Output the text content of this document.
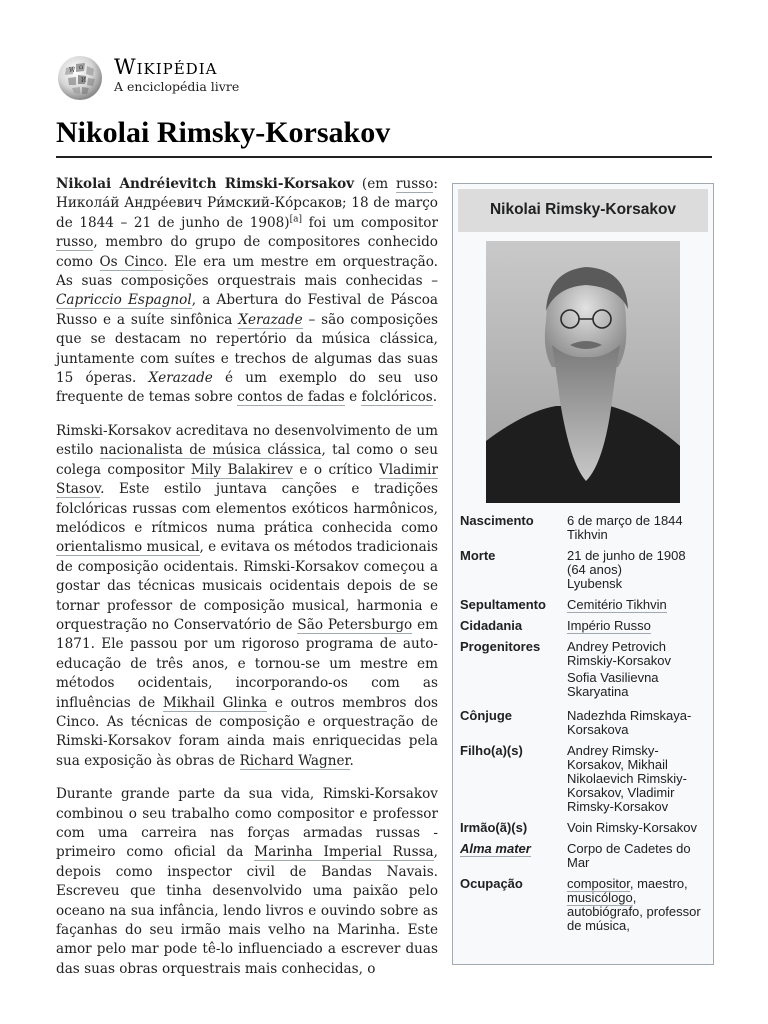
W Ω
И
Wikipédia
A enciclopédia livre
Nikolai Rimsky-Korsakov

Nikolai Andréievitch Rimski-Korsakov (em russo: Никола́й Андре́евич Ри́мский-Ко́рсаков; 18 de março de 1844 – 21 de junho de 1908)[a] foi um compositor russo, membro do grupo de compositores conhecido como Os Cinco. Ele era um mestre em orquestração. As suas composições orquestrais mais conhecidas – Capriccio Espagnol, a Abertura do Festival de Páscoa Russo e a suíte sinfônica Xerazade – são composições que se destacam no repertório da música clássica, juntamente com suítes e trechos de algumas das suas 15 óperas. Xerazade é um exemplo do seu uso frequente de temas sobre contos de fadas e folclóricos.

Rimski-Korsakov acreditava no desenvolvimento de um estilo nacionalista de música clássica, tal como o seu colega compositor Mily Balakirev e o crítico Vladimir Stasov. Este estilo juntava canções e tradições folclóricas russas com elementos exóticos harmônicos, melódicos e rítmicos numa prática conhecida como orientalismo musical, e evitava os métodos tradicionais de composição ocidentais. Rimski-Korsakov começou a gostar das técnicas musicais ocidentais depois de se tornar professor de composição musical, harmonia e orquestração no Conservatório de São Petersburgo em 1871. Ele passou por um rigoroso programa de auto-educação de três anos, e tornou-se um mestre em métodos ocidentais, incorporando-os com as influências de Mikhail Glinka e outros membros dos Cinco. As técnicas de composição e orquestração de Rimski-Korsakov foram ainda mais enriquecidas pela sua exposição às obras de Richard Wagner.

Durante grande parte da sua vida, Rimski-Korsakov combinou o seu trabalho como compositor e professor com uma carreira nas forças armadas russas - primeiro como oficial da Marinha Imperial Russa, depois como inspector civil de Bandas Navais. Escreveu que tinha desenvolvido uma paixão pelo oceano na sua infância, lendo livros e ouvindo sobre as façanhas do seu irmão mais velho na Marinha. Este amor pelo mar pode tê-lo influenciado a escrever duas das suas obras orquestrais mais conhecidas, o

Nikolai Rimsky-Korsakov
Nascimento	6 de março de 1844
Tikhvin

Morte	21 de junho de 1908
(64 anos)
Lyubensk

Sepultamento	Cemitério Tikhvin
Cidadania	Império Russo
Progenitores	Andrey Petrovich Rimskiy-Korsakov
Sofia Vasilievna Skaryatina

Cônjuge	Nadezhda Rimskaya-Korsakova
Filho(a)(s)	Andrey Rimsky-Korsakov, Mikhail Nikolaevich Rimskiy-Korsakov, Vladimir Rimsky-Korsakov
Irmão(ã)(s)	Voin Rimsky-Korsakov
Alma mater	Corpo de Cadetes do Mar
Ocupação	compositor, maestro, musicólogo, autobiógrafo, professor de música,
